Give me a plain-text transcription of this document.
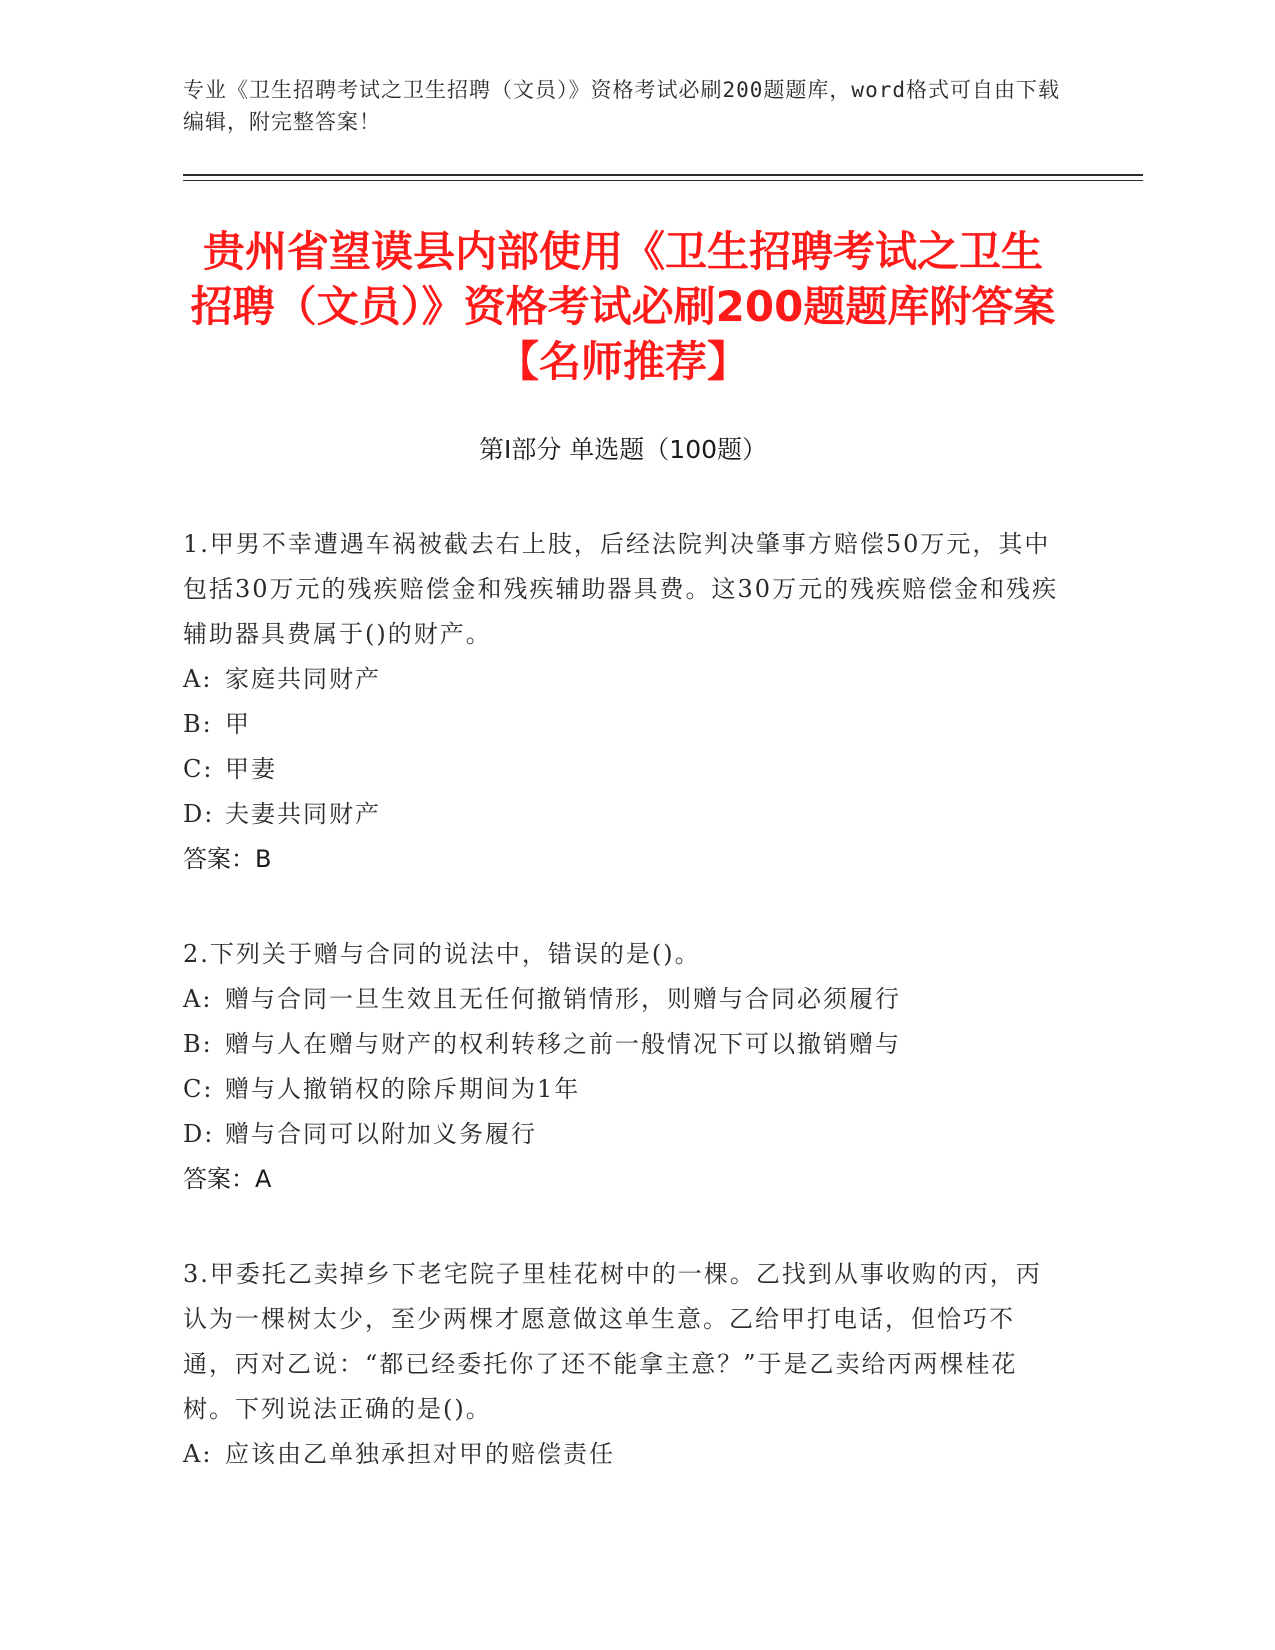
专业《卫生招聘考试之卫生招聘（文员）》资格考试必刷200题题库，word格式可自由下载编辑，附完整答案！
贵州省望谟县内部使用《卫生招聘考试之卫生招聘（文员）》资格考试必刷200题题库附答案【名师推荐】
第I部分 单选题（100题）

1.甲男不幸遭遇车祸被截去右上肢，后经法院判决肇事方赔偿50万元，其中包括30万元的残疾赔偿金和残疾辅助器具费。这30万元的残疾赔偿金和残疾辅助器具费属于()的财产。

A: 家庭共同财产

B: 甲

C: 甲妻

D: 夫妻共同财产

答案：B

2.下列关于赠与合同的说法中，错误的是()。

A: 赠与合同一旦生效且无任何撤销情形，则赠与合同必须履行

B: 赠与人在赠与财产的权利转移之前一般情况下可以撤销赠与

C: 赠与人撤销权的除斥期间为1年

D: 赠与合同可以附加义务履行

答案：A

3.甲委托乙卖掉乡下老宅院子里桂花树中的一棵。乙找到从事收购的丙，丙认为一棵树太少，至少两棵才愿意做这单生意。乙给甲打电话，但恰巧不通，丙对乙说：“都已经委托你了还不能拿主意？”于是乙卖给丙两棵桂花树。下列说法正确的是()。

A: 应该由乙单独承担对甲的赔偿责任
